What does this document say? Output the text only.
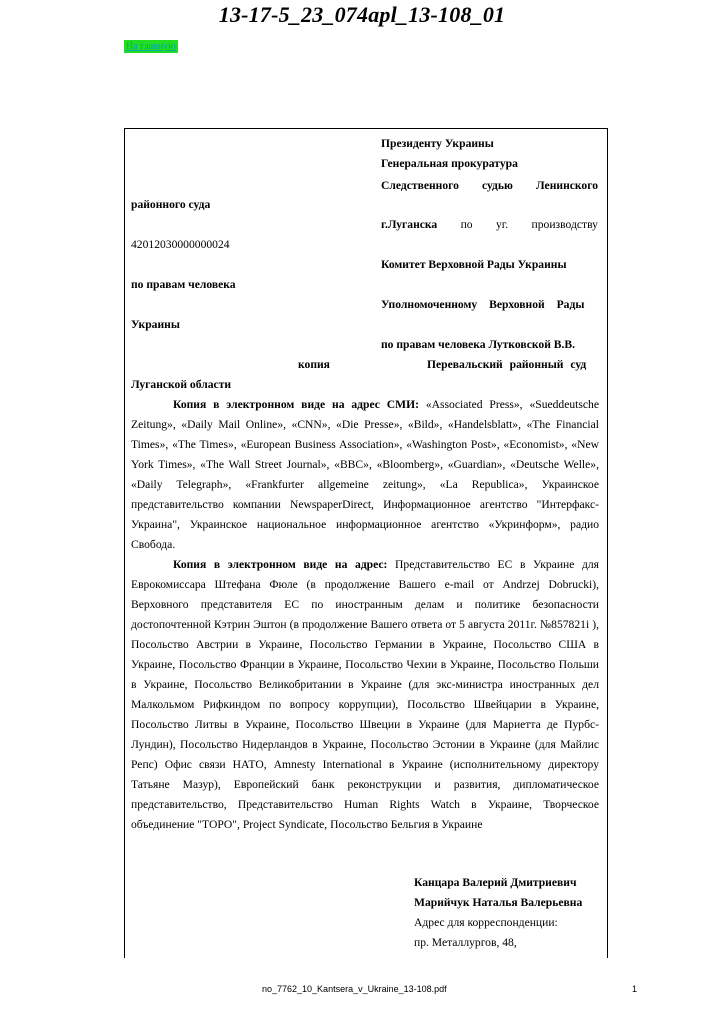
13-17-5_23_074apl_13-108_01
На главную
Президенту Украины
Генеральная прокуратура
Следственного судью Ленинского
районного суда
г.Луганска по уг. производству
42012030000000024
Комитет Верховной Рады Украины
по правам человека
Уполномоченному Верховной Рады
Украины
по правам человека Лутковской В.В.
копия	Перевальский районный суд
Луганской области

Копия в электронном виде на адрес СМИ: «Associated Press», «Sueddeutsche Zeitung», «Daily Mail Online», «CNN», «Die Presse», «Bild», «Handelsblatt», «The Financial Times», «The Times», «European Business Association», «Washington Post», «Economist», «New York Times», «The Wall Street Journal», «BBC», «Bloomberg», «Guardian», «Deutsche Welle», «Daily Telegraph», «Frankfurter allgemeine zeitung», «La Republica», Украинское представительство компании NewspaperDirect, Информационное агентство "Интерфакс-Украина", Украинское национальное информационное агентство «Укринформ», радио Свобода.

Копия в электронном виде на адрес: Представительство ЕС в Украине для Еврокомиссара Штефана Фюле (в продолжение Вашего e-mail от Andrzej Dobrucki), Верховного представителя ЕС по иностранным делам и политике безопасности достопочтенной Кэтрин Эштон (в продолжение Вашего ответа от 5 августа 2011г. №857821i ), Посольство Австрии в Украине, Посольство Германии в Украине, Посольство США в Украине, Посольство Франции в Украине, Посольство Чехии в Украине, Посольство Польши в Украине, Посольство Великобритании в Украине (для экс-министра иностранных дел Малкольмом Рифкиндом по вопросу коррупции), Посольство Швейцарии в Украине, Посольство Литвы в Украине, Посольство Швеции в Украине (для Мариетта де Пурбс-Лундин), Посольство Нидерландов в Украине, Посольство Эстонии в Украине (для Майлис Репс) Офис связи НАТО, Amnesty International в Украине (исполнительному директору Татьяне Мазур), Европейский банк реконструкции и развития, дипломатическое представительство, Представительство Human Rights Watch в Украине, Творческое объединение "ТОРО", Project Syndicate, Посольство Бельгия в Украине

Канцара Валерий Дмитриевич
Марийчук Наталья Валерьевна
Адрес для корреспонденции:
пр. Металлургов, 48,
no_7762_10_Kantsera_v_Ukraine_13-108.pdf	1
